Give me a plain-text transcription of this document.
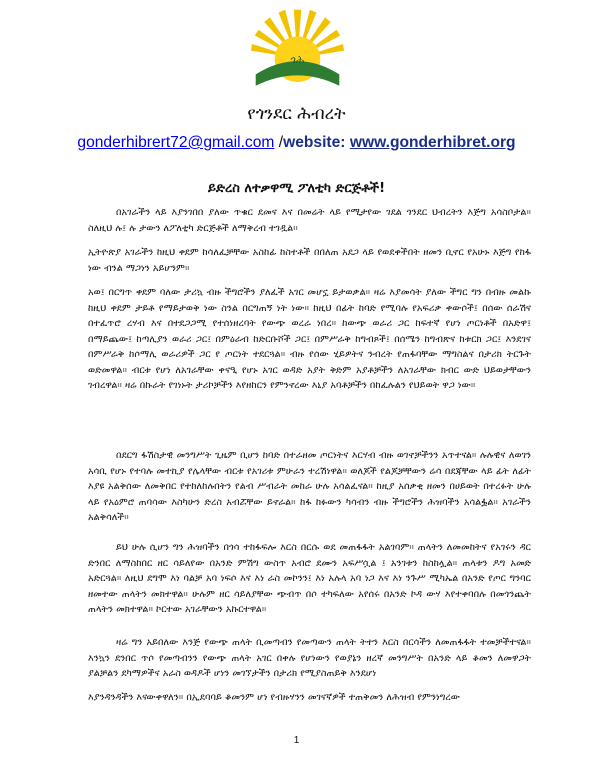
ጎሕ
የጎንደር ሕብረት
gonderhibrert72@gmail.com /website: www.gonderhibret.org
ይድረስ ለተቃዋሚ ፖለቲካ ድርጅቶች!

በአገራችን ላይ እያንገበበ ያለው ጥቁር ደመና እና በመሬት ላይ የሚታየው ገደል ጎንደር ህብረትን እጅግ አሳስቦታል። ስለዚህ ሉ፤ ሉ ታውን ለፖለቲካ ድርጅቶች ለማቅረብ ተገዷል።

ኢትዮጵያ አገራችን ከዚህ ቀደም ከሳለፈቻቸው አስከፊ ከስተቶች በበለጠ አደጋ ላይ የወደቀችበት ዘመን ቢኖር የአሁኑ እጅግ የከፋ ነው ብንል ማጋነን አይሆንም።

አወ፤ በርግጥ ቀደም ባለው ታሪኳ ብዙ ችግሮችን ያለፈች አገር መሆኗ ይታወቃል። ዛሬ እያመሳት ያለው ችግር ግን በብዙ መልኩ ከዚህ ቀደም ታይቶ የማይታወቅ ነው ስንል በርግጠኝ ነት ነው። ከዚህ በፊት ከባድ የሚባሉ የአፍሪቃ ቀውሶች፤ በሰው ሰራሽና በተፈጥሮ ረሃብ እና በተደጋጋሚ የተሰነዘረባት የውጭ ወረራ ነበረ። ከውጭ ወራሪ ጋር ከፍተኛ የሆነ ጦርነቶች በአድዋ፤ በማይጨው፤ ከጣሊያን ወራሪ ጋር፤ በምዕራብ ከድርቡሾች ጋር፤ በምሥራቅ ከግብጾች፤ በሰሜን ከግብጽና ከቱርክ ጋር፤ እንደገና በምሥራቅ ከሶማሊ ወራሪዎች ጋር የ ጦርነት ተደርጓል። ብዙ የሰው ሂይዎትና ንብረት የጠፋባቸው ማግስልና በታሪክ ትርጉት ወድመዋል። ብርቱ የሆነ ለአገራቸው ቀናዒ የሆኑ አገር ወዳድ አያት ቅድም አያቶቻችን ለአገራቸው ክብር ውድ ህይወታቸውን ገብረዋል። ዛሬ በኩራት የገነኑት ታሪኮቻችን እየዘከርን የምንኖረው እኒያ አባቶቻችን በከፈሉልን የህይወት ዋጋ ነው።

በደርግ ፋሽስታዊ መንግሥት ጊዜም ቢሆን ከባድ በተራዘመ ጦርነትና እርሃብ ብዙ ወገኖቻችንን አጥተናል። ሉሉዊና ለወገን አሳቢ የሆኑ የተባሉ መተኪያ የሌላቸው ብርቱ የአገሪቱ ምሁራን ተረሽነዋል። ወለጆች የልጆቻቸውን ሬሳ በደጃቸው ላይ ፊት ለፊት እያዩ አልቅሰው ለመቅበር የተከለከሉበትን የልብ ሥብራት መከራ ሁሉ አሳልፈናል። ከዚያ አሰቃቂ ዘመን በሀይወት በተረፉት ሁሉ ላይ የአዕምሮ ጠባሳው እስካሁን ድረስ አብሯቸው ይኖራል። ከፋ ከፉውን ካሳብን ብዙ ችግሮችን ሕዝባችን አሳልፏል። አገራችን አልቅሳለች።

ይህ ሁሉ ሲሆን ግን ሕዝባችን በጎሳ ተከፋፍሎ እርስ በርሱ ወደ መጠፋፋት አልገባም። ጠላትን ለመመከትና የአገሩን ዳር ድንበር ለማስከበር ዘር ሳይለየው በአንድ ምሽግ ውስጥ አብሮ ደሙን አፍሥሷል ፤ አንገቱን ከስከሏል። ጠላቱን ዶግ አመድ አድርጓል። ለዚህ ደግሞ እነ ባልቻ አባ ነፍሶ እና እነ ራስ መኮንን፤ እነ አሉላ አባ ነጋ እና እነ ንጉሥ ሚካኤል በአንድ የጦር ግንባር ዘመተው ጠላትን መክተዋል። ሁሉም ዘር ሳይለያቸው ጭብጥ በሶ ተካፍለው አየሰሩ በአንድ ኮዳ ውሃ እየተቀባበሉ በመጎንጨት ጠላትን መክተዋል። ኮርተው አገራቸውን አኩርተዋል።

ዛሬ ግን አይበለው እንጅ የውጭ ጠላት ቢመጣብን የመጣውን ጠላት ትተን እርስ በርሳችን ለመጠፋፋት ተመቻችተናል። እንኳን ደንበር ጥሶ የመጣብንን የውጭ ጠላት አገር በቀሉ የሆነውን የወያኔን ዘረኛ መንግሥት በአንድ ላይ ቆመን ለመዋጋት ያልቻልን ደካማዎችና አራስ ወዳዶች ሆነን መገኘታችን በታሪክ የሚያስጠይቅ እንደሆነ

እያንዳንዳችን እናውቀዋለን። በኢደባባይ ቆመንም ሆነ የብዙሃንን መገናኛዎች ተጠቅመን ለሕዝብ የምንነግረው

1
